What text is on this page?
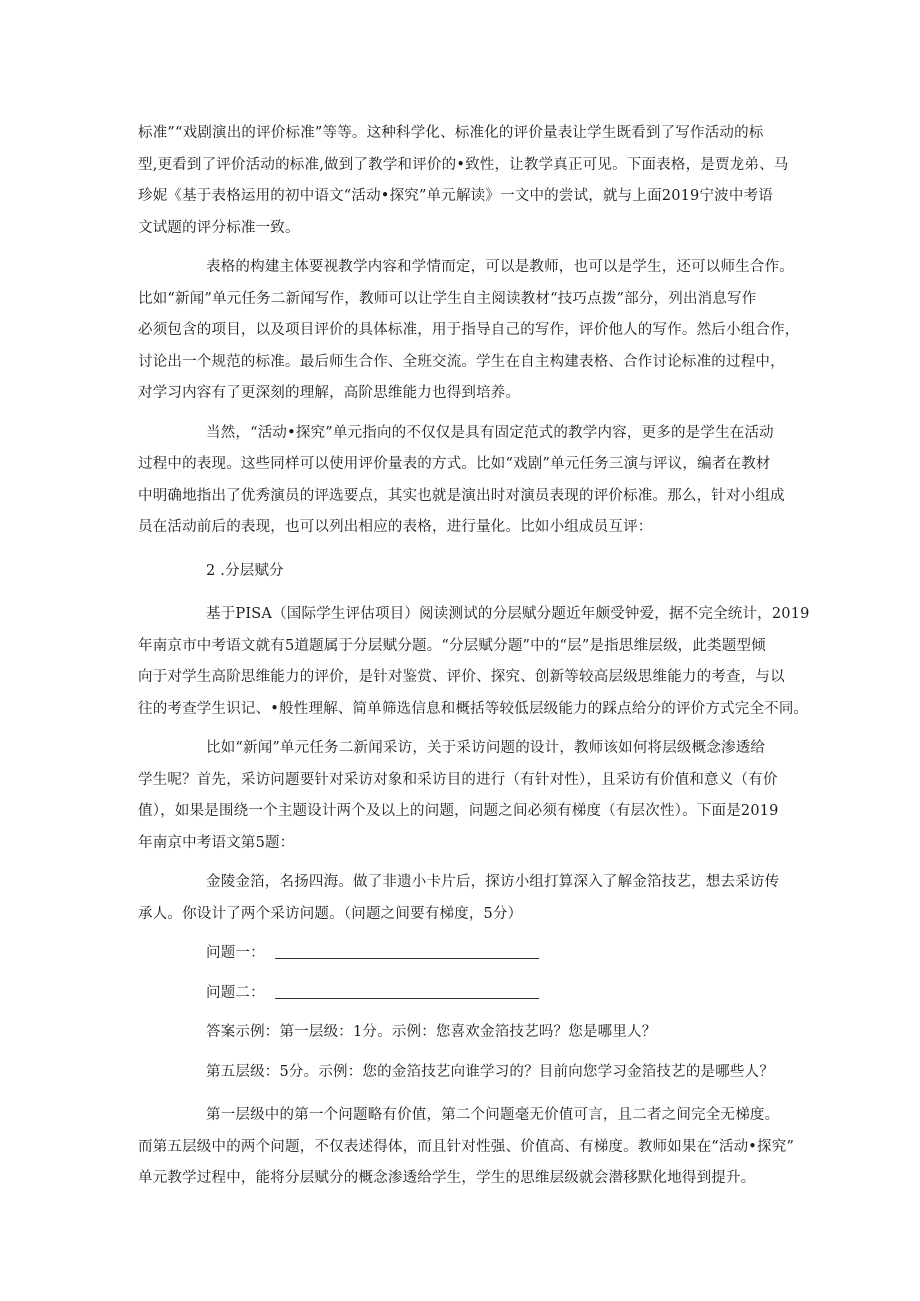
标准”“戏剧演出的评价标准”等等。这种科学化、标准化的评价量表让学生既看到了写作活动的标
型,更看到了评价活动的标准,做到了教学和评价的•致性，让教学真正可见。下面表格，是贾龙弟、马
珍妮《基于表格运用的初中语文“活动•探究”单元解读》一文中的尝试，就与上面2019宁波中考语
文试题的评分标准一致。
表格的构建主体要视教学内容和学情而定，可以是教师，也可以是学生，还可以师生合作。
比如“新闻”单元任务二新闻写作，教师可以让学生自主阅读教材“技巧点拨”部分，列出消息写作
必须包含的项目，以及项目评价的具体标准，用于指导自己的写作，评价他人的写作。然后小组合作，
讨论出一个规范的标准。最后师生合作、全班交流。学生在自主构建表格、合作讨论标准的过程中，
对学习内容有了更深刻的理解，高阶思维能力也得到培养。
当然，“活动•探究”单元指向的不仅仅是具有固定范式的教学内容，更多的是学生在活动
过程中的表现。这些同样可以使用评价量表的方式。比如“戏剧”单元任务三演与评议，编者在教材
中明确地指出了优秀演员的评选要点，其实也就是演出时对演员表现的评价标准。那么，针对小组成
员在活动前后的表现，也可以列出相应的表格，进行量化。比如小组成员互评：
2 .分层赋分
基于PISA（国际学生评估项目）阅读测试的分层赋分题近年颇受钟爱，据不完全统计，2019
年南京市中考语文就有5道题属于分层赋分题。“分层赋分题”中的“层”是指思维层级，此类题型倾
向于对学生高阶思维能力的评价，是针对鉴赏、评价、探究、创新等较高层级思维能力的考查，与以
往的考查学生识记、•般性理解、简单筛选信息和概括等较低层级能力的踩点给分的评价方式完全不同。
比如“新闻”单元任务二新闻采访，关于采访问题的设计，教师该如何将层级概念渗透给
学生呢？首先，采访问题要针对采访对象和采访目的进行（有针对性），且采访有价值和意义（有价
值），如果是围绕一个主题设计两个及以上的问题，问题之间必须有梯度（有层次性）。下面是2019
年南京中考语文第5题：
金陵金箔，名扬四海。做了非遗小卡片后，探访小组打算深入了解金箔技艺，想去采访传
承人。你设计了两个采访问题。（问题之间要有梯度，5分）
问题一：
问题二：
答案示例：第一层级：1分。示例：您喜欢金箔技艺吗？您是哪里人？
第五层级：5分。示例：您的金箔技艺向谁学习的？目前向您学习金箔技艺的是哪些人？
第一层级中的第一个问题略有价值，第二个问题毫无价值可言，且二者之间完全无梯度。
而第五层级中的两个问题，不仅表述得体，而且针对性强、价值高、有梯度。教师如果在“活动•探究”
单元教学过程中，能将分层赋分的概念渗透给学生，学生的思维层级就会潜移默化地得到提升。
